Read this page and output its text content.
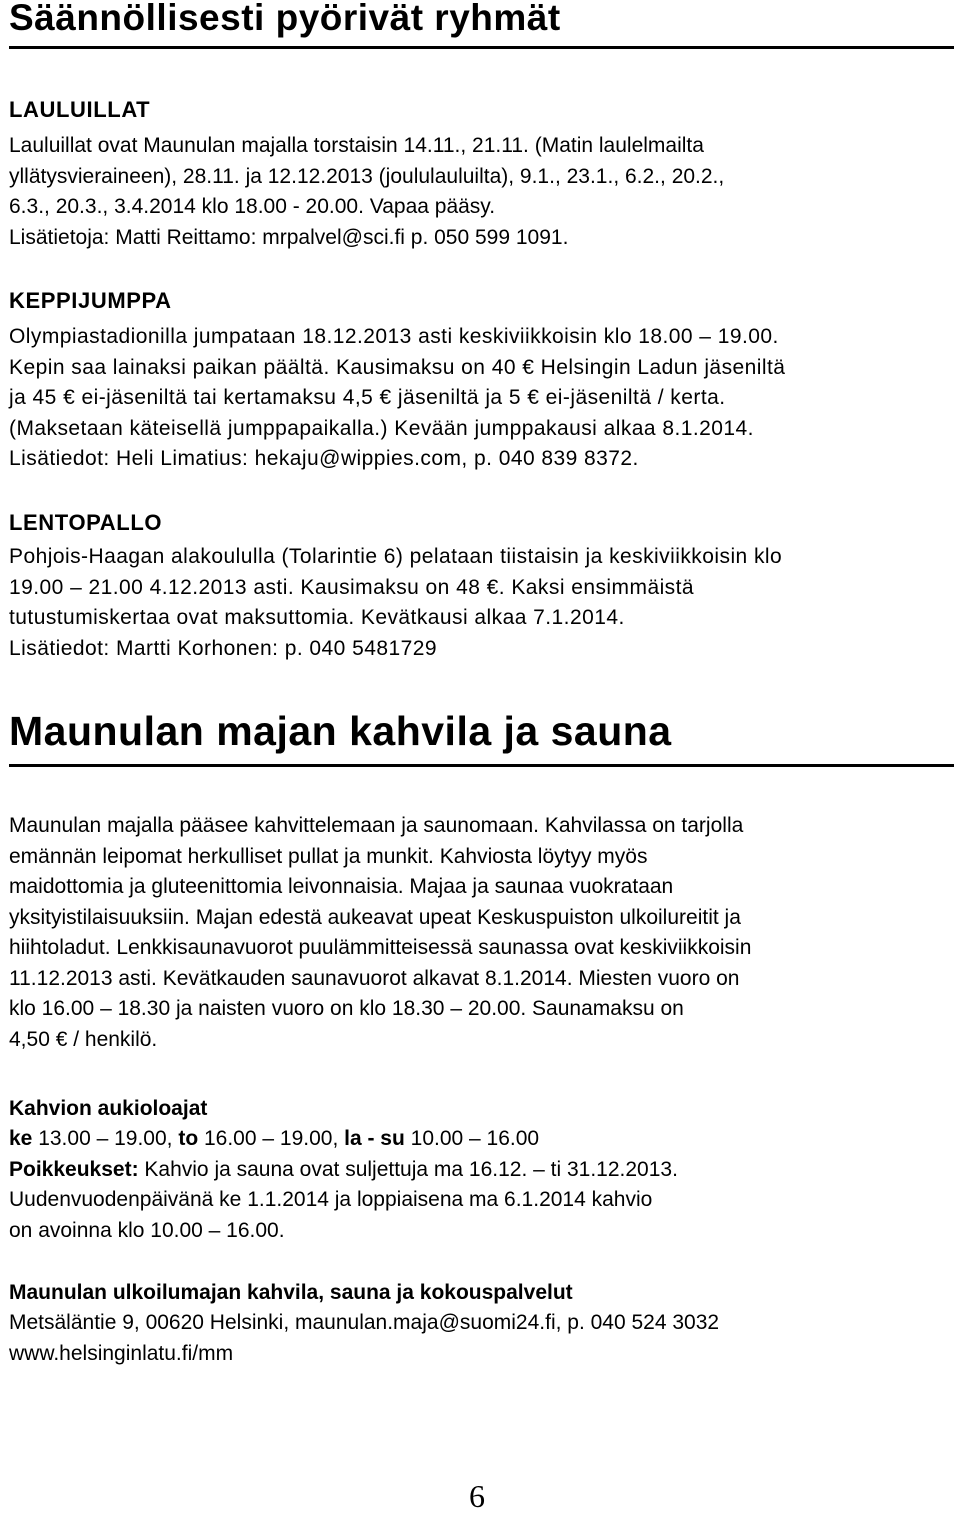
Säännöllisesti pyörivät ryhmät
LAULUILLAT
Lauluillat ovat Maunulan majalla torstaisin 14.11., 21.11. (Matin laulelmailta
yllätysvieraineen), 28.11. ja 12.12.2013 (joululauluilta), 9.1., 23.1., 6.2., 20.2.,
6.3., 20.3., 3.4.2014 klo 18.00 - 20.00. Vapaa pääsy.
Lisätietoja: Matti Reittamo: mrpalvel@sci.fi p. 050 599 1091.
KEPPIJUMPPA
Olympiastadionilla jumpataan 18.12.2013 asti keskiviikkoisin klo 18.00 – 19.00.
Kepin saa lainaksi paikan päältä. Kausimaksu on 40 € Helsingin Ladun jäseniltä
ja 45 € ei-jäseniltä tai kertamaksu 4,5 € jäseniltä ja 5 € ei-jäseniltä / kerta.
(Maksetaan käteisellä jumppapaikalla.) Kevään jumppakausi alkaa 8.1.2014.
Lisätiedot: Heli Limatius: hekaju@wippies.com, p. 040 839 8372.
LENTOPALLO
Pohjois-Haagan alakoululla (Tolarintie 6) pelataan tiistaisin ja keskiviikkoisin klo
19.00 – 21.00 4.12.2013 asti. Kausimaksu on 48 €. Kaksi ensimmäistä
tutustumiskertaa ovat maksuttomia. Kevätkausi alkaa 7.1.2014.
Lisätiedot: Martti Korhonen: p. 040 5481729
Maunulan majan kahvila ja sauna
Maunulan majalla pääsee kahvittelemaan ja saunomaan. Kahvilassa on tarjolla
emännän leipomat herkulliset pullat ja munkit. Kahviosta löytyy myös
maidottomia ja gluteenittomia leivonnaisia. Majaa ja saunaa vuokrataan
yksityistilaisuuksiin. Majan edestä aukeavat upeat Keskuspuiston ulkoilureitit ja
hiihtoladut. Lenkkisaunavuorot puulämmitteisessä saunassa ovat keskiviikkoisin
11.12.2013 asti. Kevätkauden saunavuorot alkavat 8.1.2014. Miesten vuoro on
klo 16.00 – 18.30 ja naisten vuoro on klo 18.30 – 20.00. Saunamaksu on
4,50 € / henkilö.
Kahvion aukioloajat
ke 13.00 – 19.00, to 16.00 – 19.00, la - su 10.00 – 16.00
Poikkeukset: Kahvio ja sauna ovat suljettuja ma 16.12. – ti 31.12.2013.
Uudenvuodenpäivänä ke 1.1.2014 ja loppiaisena ma 6.1.2014 kahvio
on avoinna klo 10.00 – 16.00.
Maunulan ulkoilumajan kahvila, sauna ja kokouspalvelut
Metsäläntie 9, 00620 Helsinki, maunulan.maja@suomi24.fi, p. 040 524 3032
www.helsinginlatu.fi/mm
6
